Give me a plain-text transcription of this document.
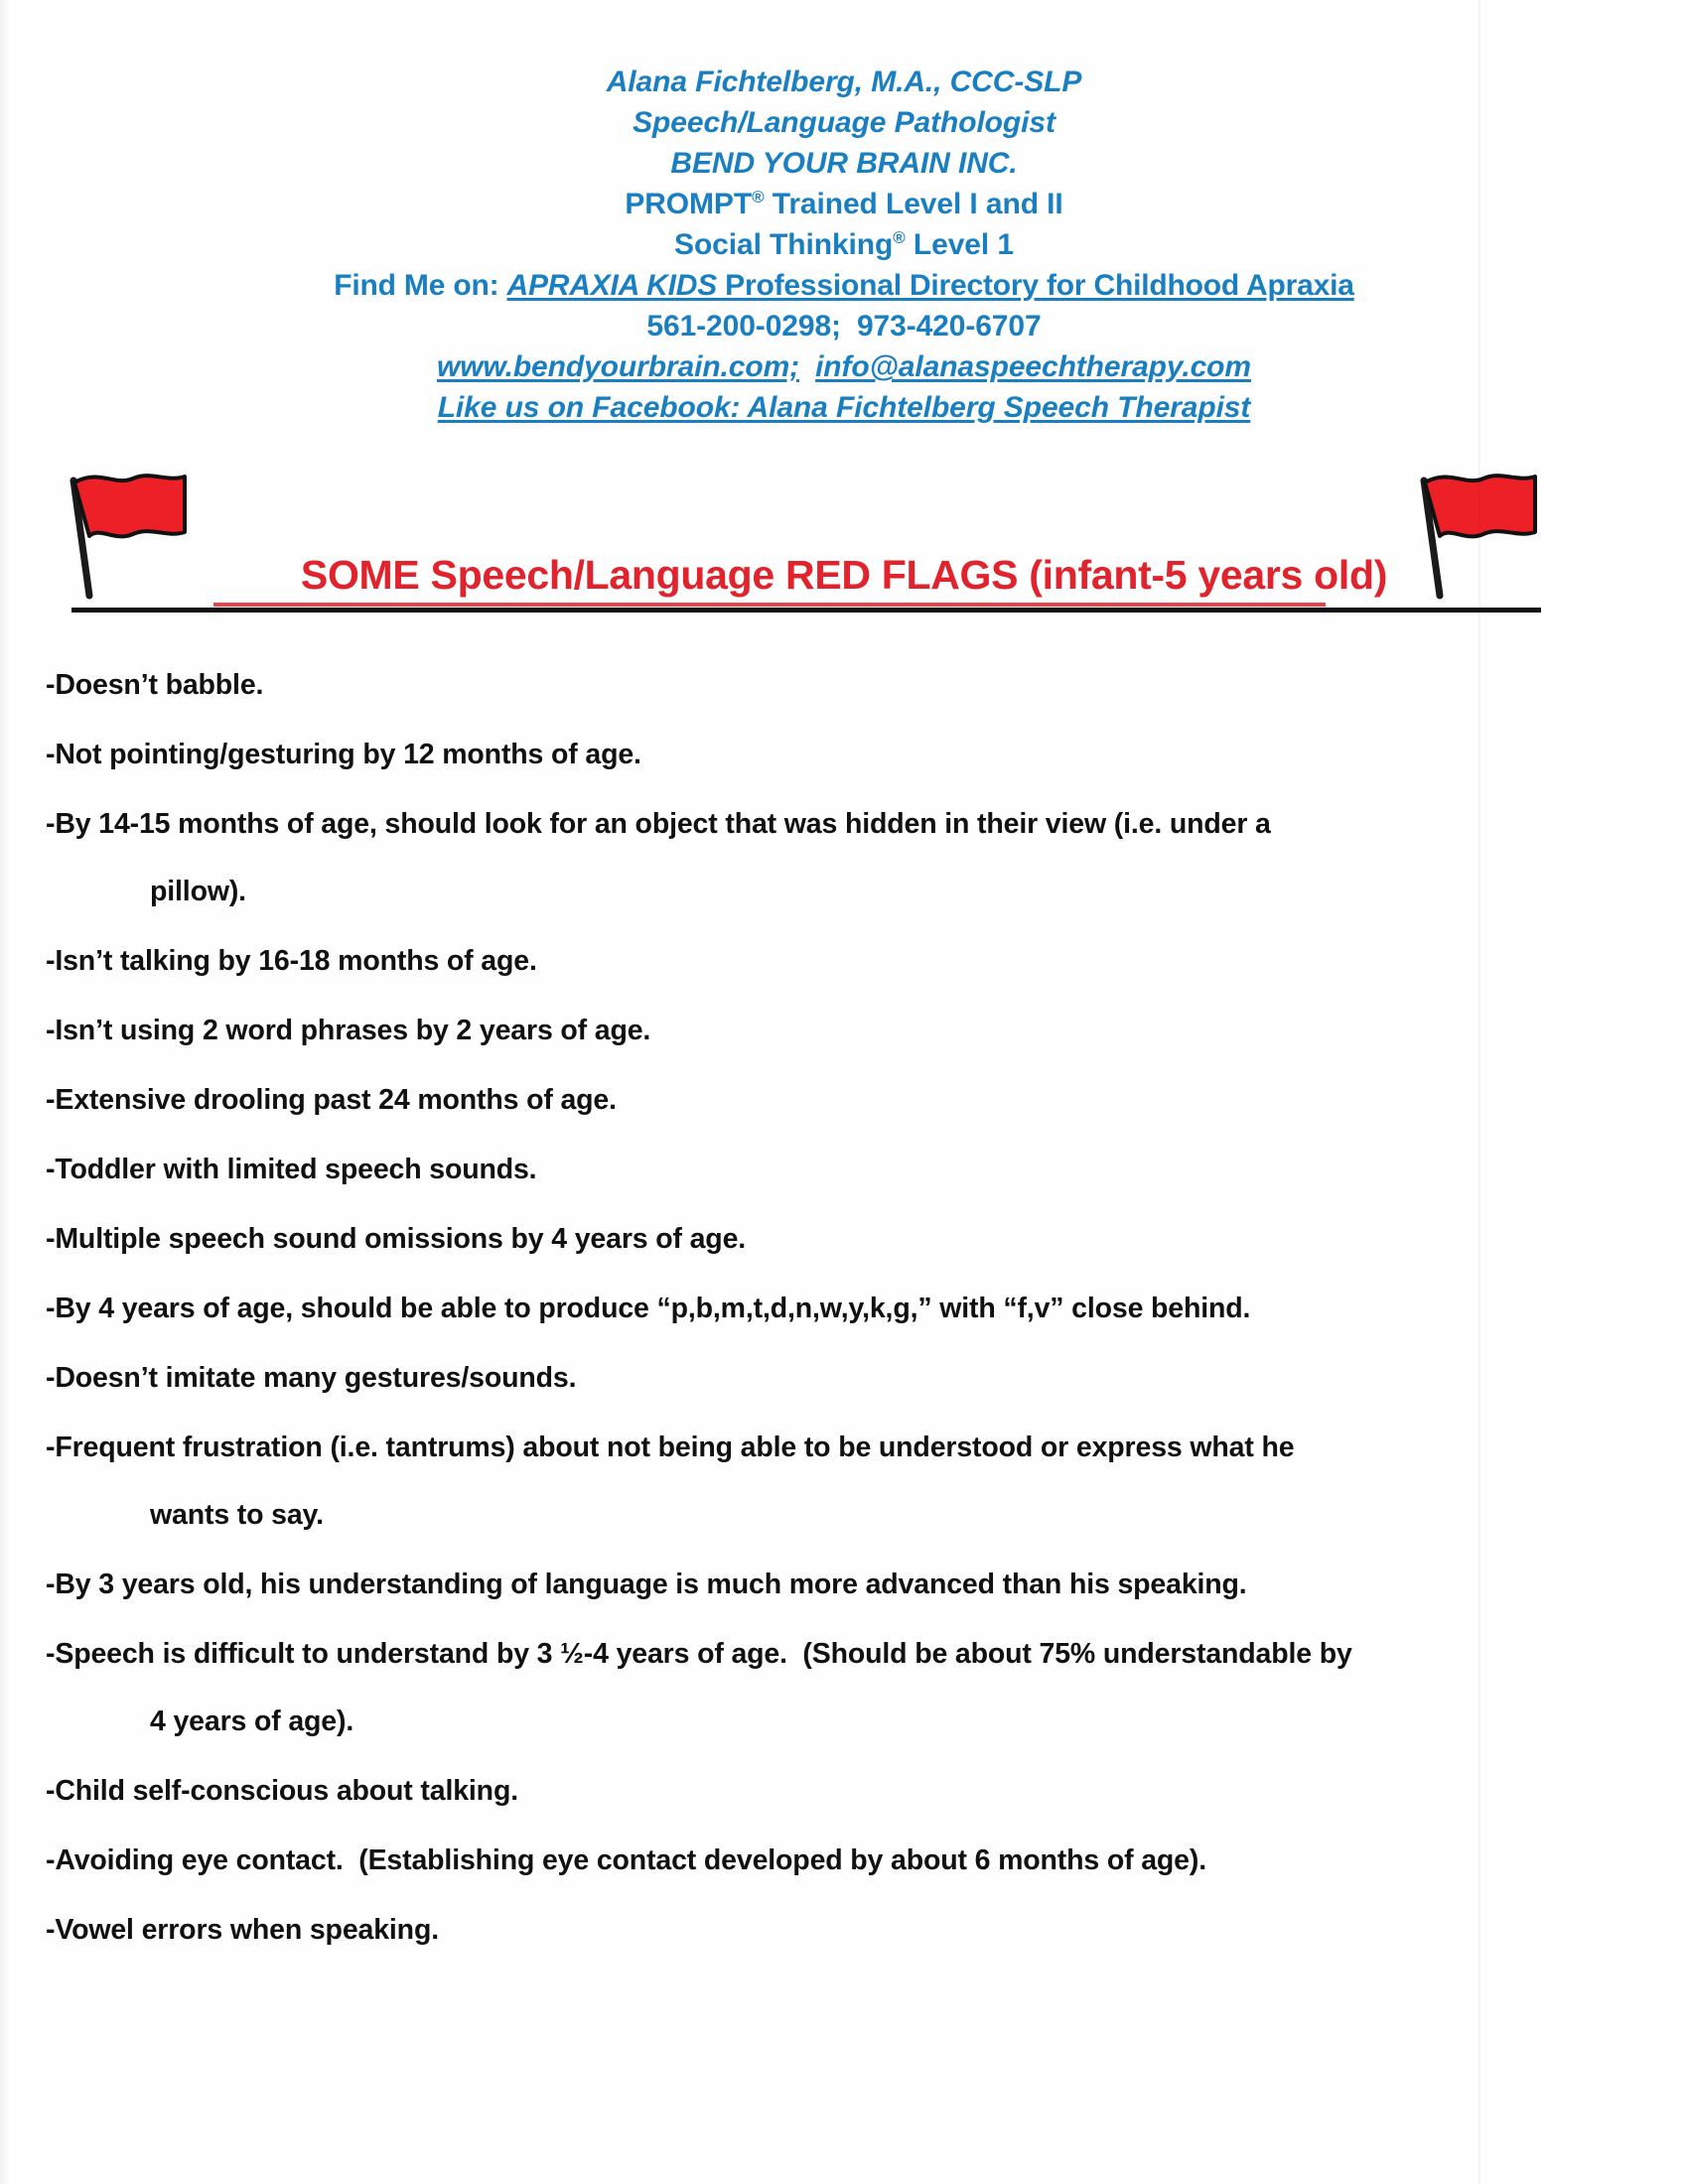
Alana Fichtelberg, M.A., CCC-SLP
Speech/Language Pathologist
BEND YOUR BRAIN INC.
PROMPT® Trained Level I and II
Social Thinking® Level 1
Find Me on: APRAXIA KIDS Professional Directory for Childhood Apraxia
561-200-0298; 973-420-6707
www.bendyourbrain.com; info@alanaspeechtherapy.com
Like us on Facebook: Alana Fichtelberg Speech Therapist
SOME Speech/Language RED FLAGS (infant-5 years old)

-Doesn’t babble.

-Not pointing/gesturing by 12 months of age.

-By 14-15 months of age, should look for an object that was hidden in their view (i.e. under a
pillow).

-Isn’t talking by 16-18 months of age.

-Isn’t using 2 word phrases by 2 years of age.

-Extensive drooling past 24 months of age.

-Toddler with limited speech sounds.

-Multiple speech sound omissions by 4 years of age.

-By 4 years of age, should be able to produce “p,b,m,t,d,n,w,y,k,g,” with “f,v” close behind.

-Doesn’t imitate many gestures/sounds.

-Frequent frustration (i.e. tantrums) about not being able to be understood or express what he
wants to say.

-By 3 years old, his understanding of language is much more advanced than his speaking.

-Speech is difficult to understand by 3 ½-4 years of age.  (Should be about 75% understandable by
4 years of age).

-Child self-conscious about talking.

-Avoiding eye contact.  (Establishing eye contact developed by about 6 months of age).

-Vowel errors when speaking.
